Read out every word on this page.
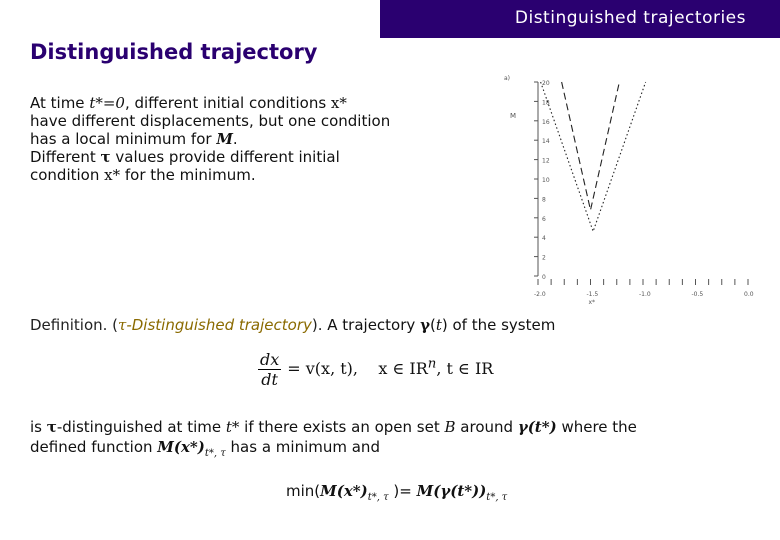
Distinguished trajectories
Distinguished trajectory
At time t*=0, different initial conditions x*
have different displacements, but one condition
has a local minimum for M.
Different τ values provide different initial
condition x* for the minimum.
0
2
4
6
8
10
12
14
16
18
20
-2.0	-1.5	-1.0	-0.5	0.0
a)
M
x*
Definition. (τ-Distinguished trajectory). A trajectory γ(t) of the system
$\frac{dx}{dt} = v(x$, t), x ∈ $IR^n$, t ∈ IR
is τ-distinguished at time t* if there exists an open set B around γ(t*) where the
defined function $M(x*)_{t*, \tau}$ has a minimum and
$\min(M(x*)_{t*, \tau}$ )= $M(\gamma(t*))_{t*, \tau}$
